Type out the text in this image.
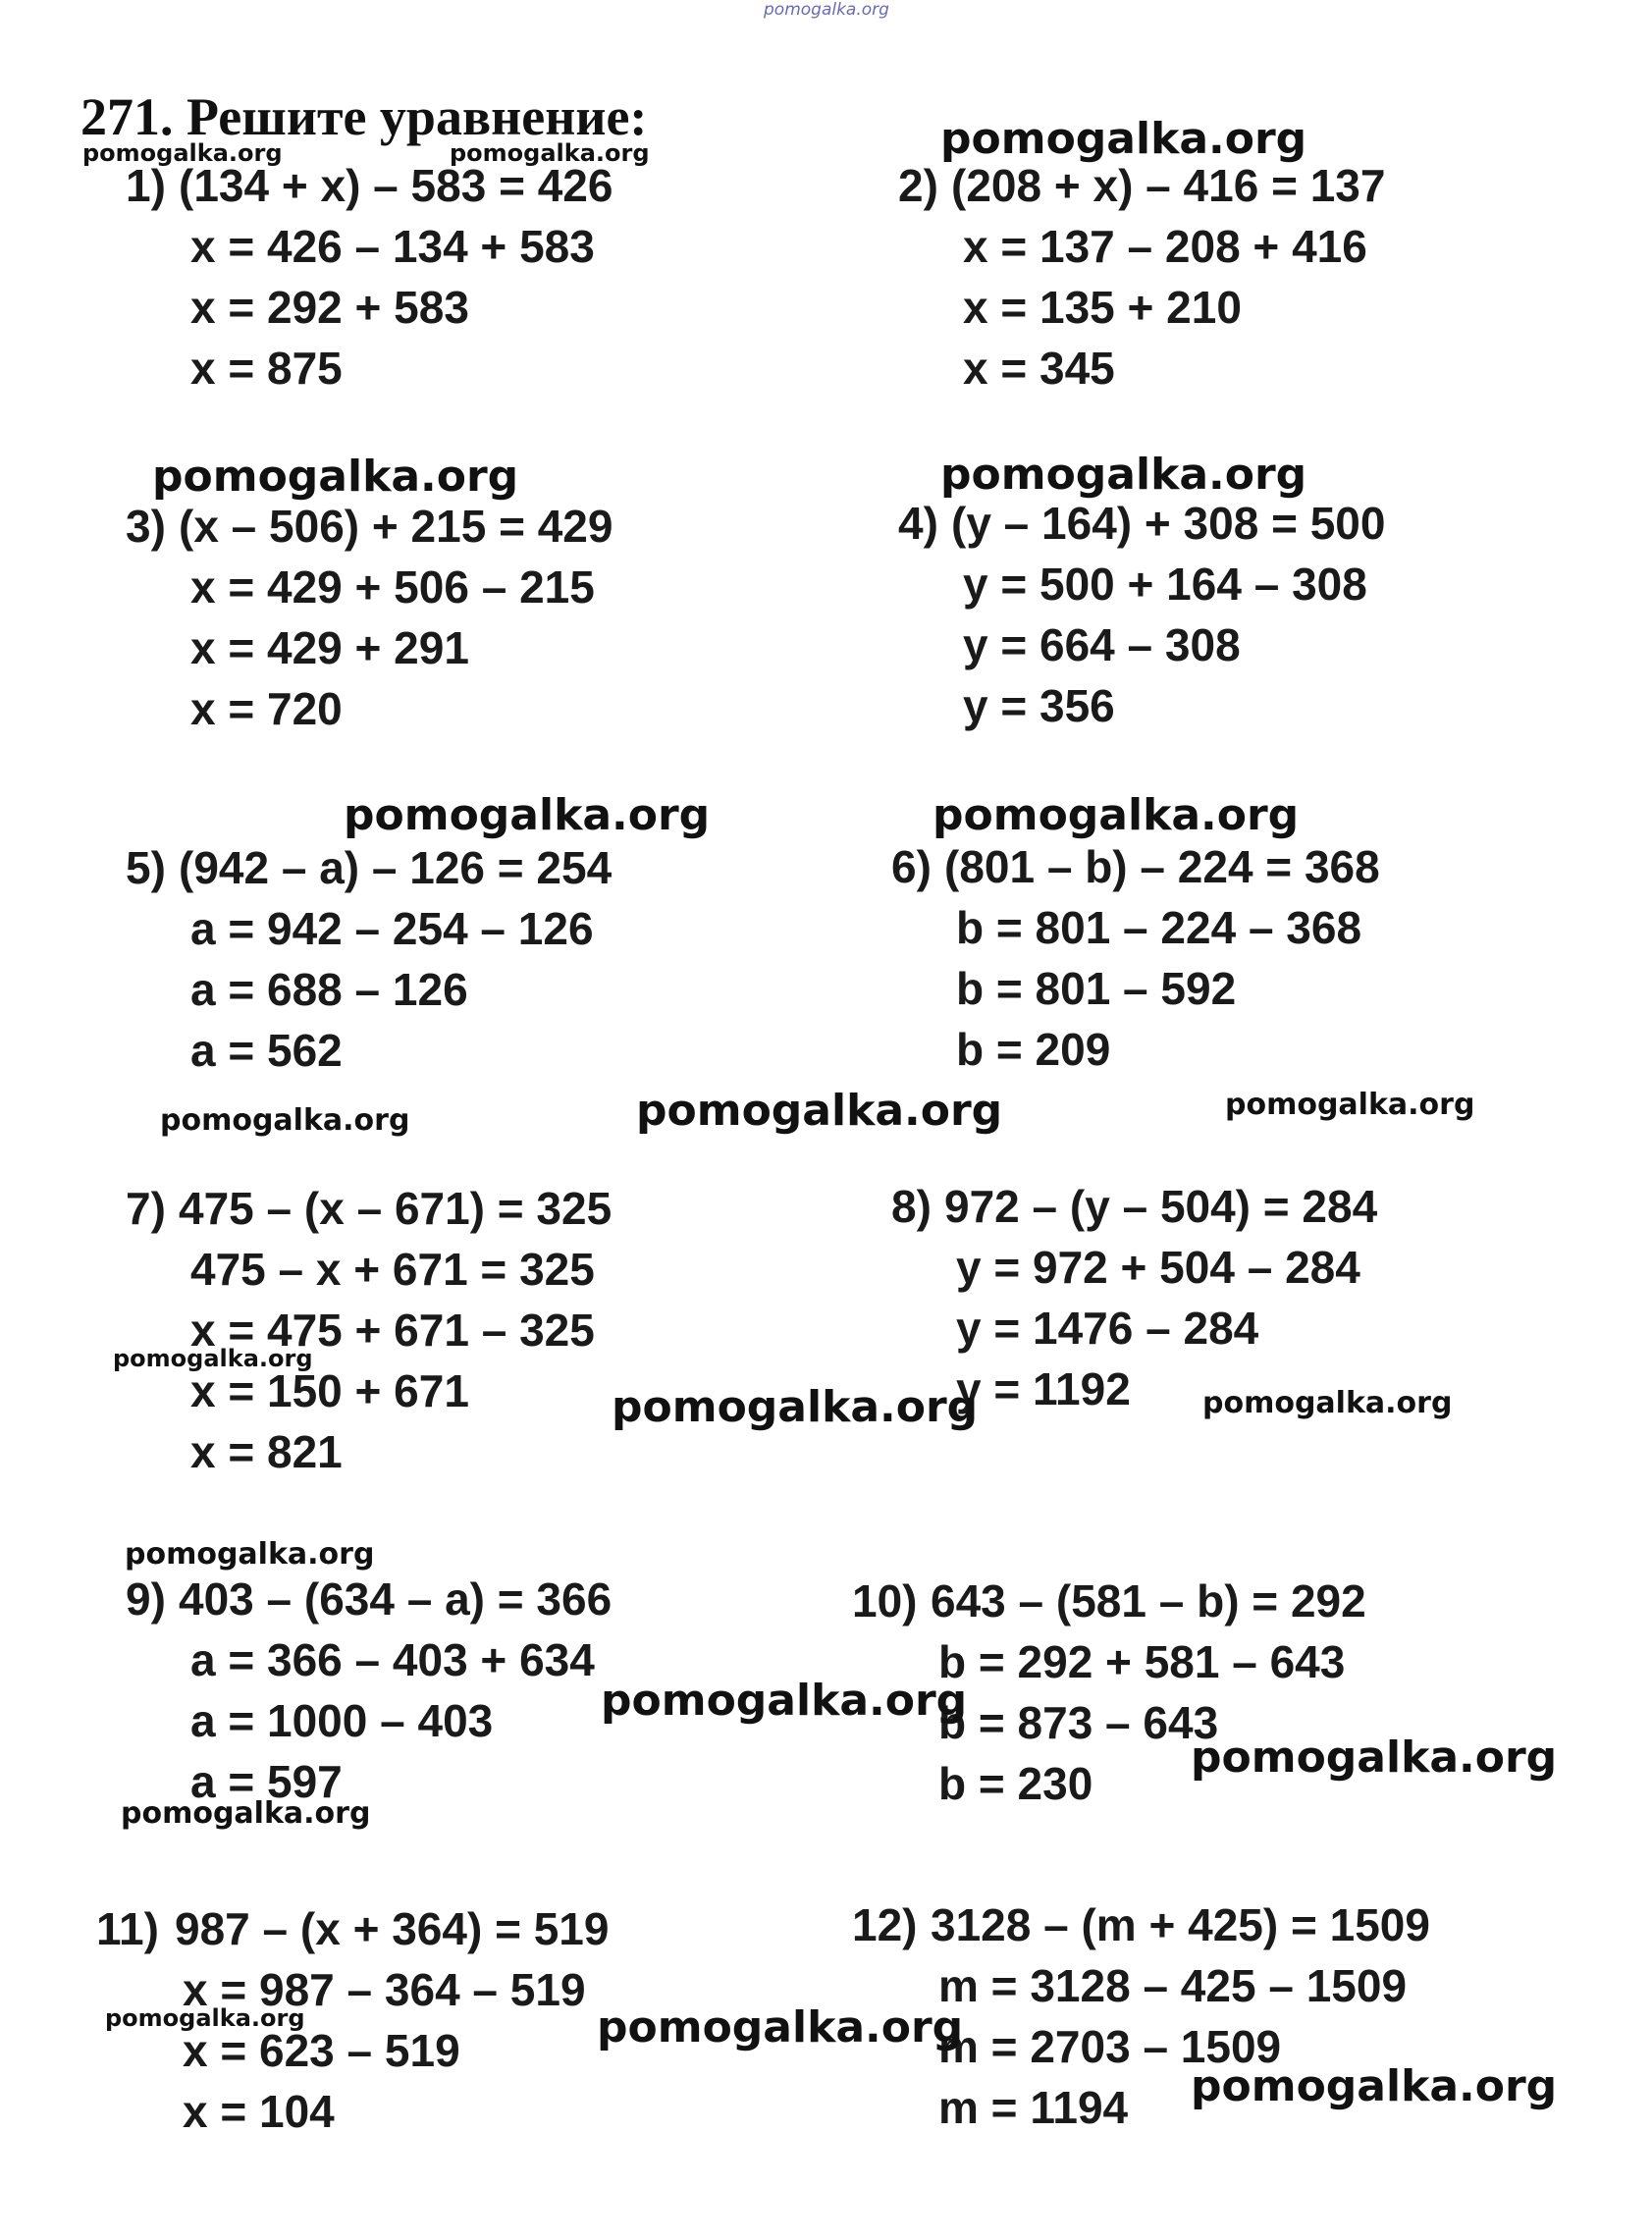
pomogalka.org
271. Решите уравнение:
1) (134 + x) – 583 = 426
x = 426 – 134 + 583
x = 292 + 583
x = 875
2) (208 + x) – 416 = 137
x = 137 – 208 + 416
x = 135 + 210
x = 345
3) (x – 506) + 215 = 429
x = 429 + 506 – 215
x = 429 + 291
x = 720
4) (y – 164) + 308 = 500
y = 500 + 164 – 308
y = 664 – 308
y = 356
5) (942 – a) – 126 = 254
a = 942 – 254 – 126
a = 688 – 126
a = 562
6) (801 – b) – 224 = 368
b = 801 – 224 – 368
b = 801 – 592
b = 209
7) 475 – (x – 671) = 325
475 – x + 671 = 325
x = 475 + 671 – 325
x = 150 + 671
x = 821
8) 972 – (y – 504) = 284
y = 972 + 504 – 284
y = 1476 – 284
y = 1192
9) 403 – (634 – a) = 366
a = 366 – 403 + 634
a = 1000 – 403
a = 597
10) 643 – (581 – b) = 292
b = 292 + 581 – 643
b = 873 – 643
b = 230
11) 987 – (x + 364) = 519
x = 987 – 364 – 519
x = 623 – 519
x = 104
12) 3128 – (m + 425) = 1509
m = 3128 – 425 – 1509
m = 2703 – 1509
m = 1194
pomogalka.org	pomogalka.org	pomogalka.org
pomogalka.org	pomogalka.org
pomogalka.org	pomogalka.org
pomogalka.org	pomogalka.org	pomogalka.org
pomogalka.org
pomogalka.org	pomogalka.org
pomogalka.org
pomogalka.org
pomogalka.org
pomogalka.org
pomogalka.org	pomogalka.org
pomogalka.org
